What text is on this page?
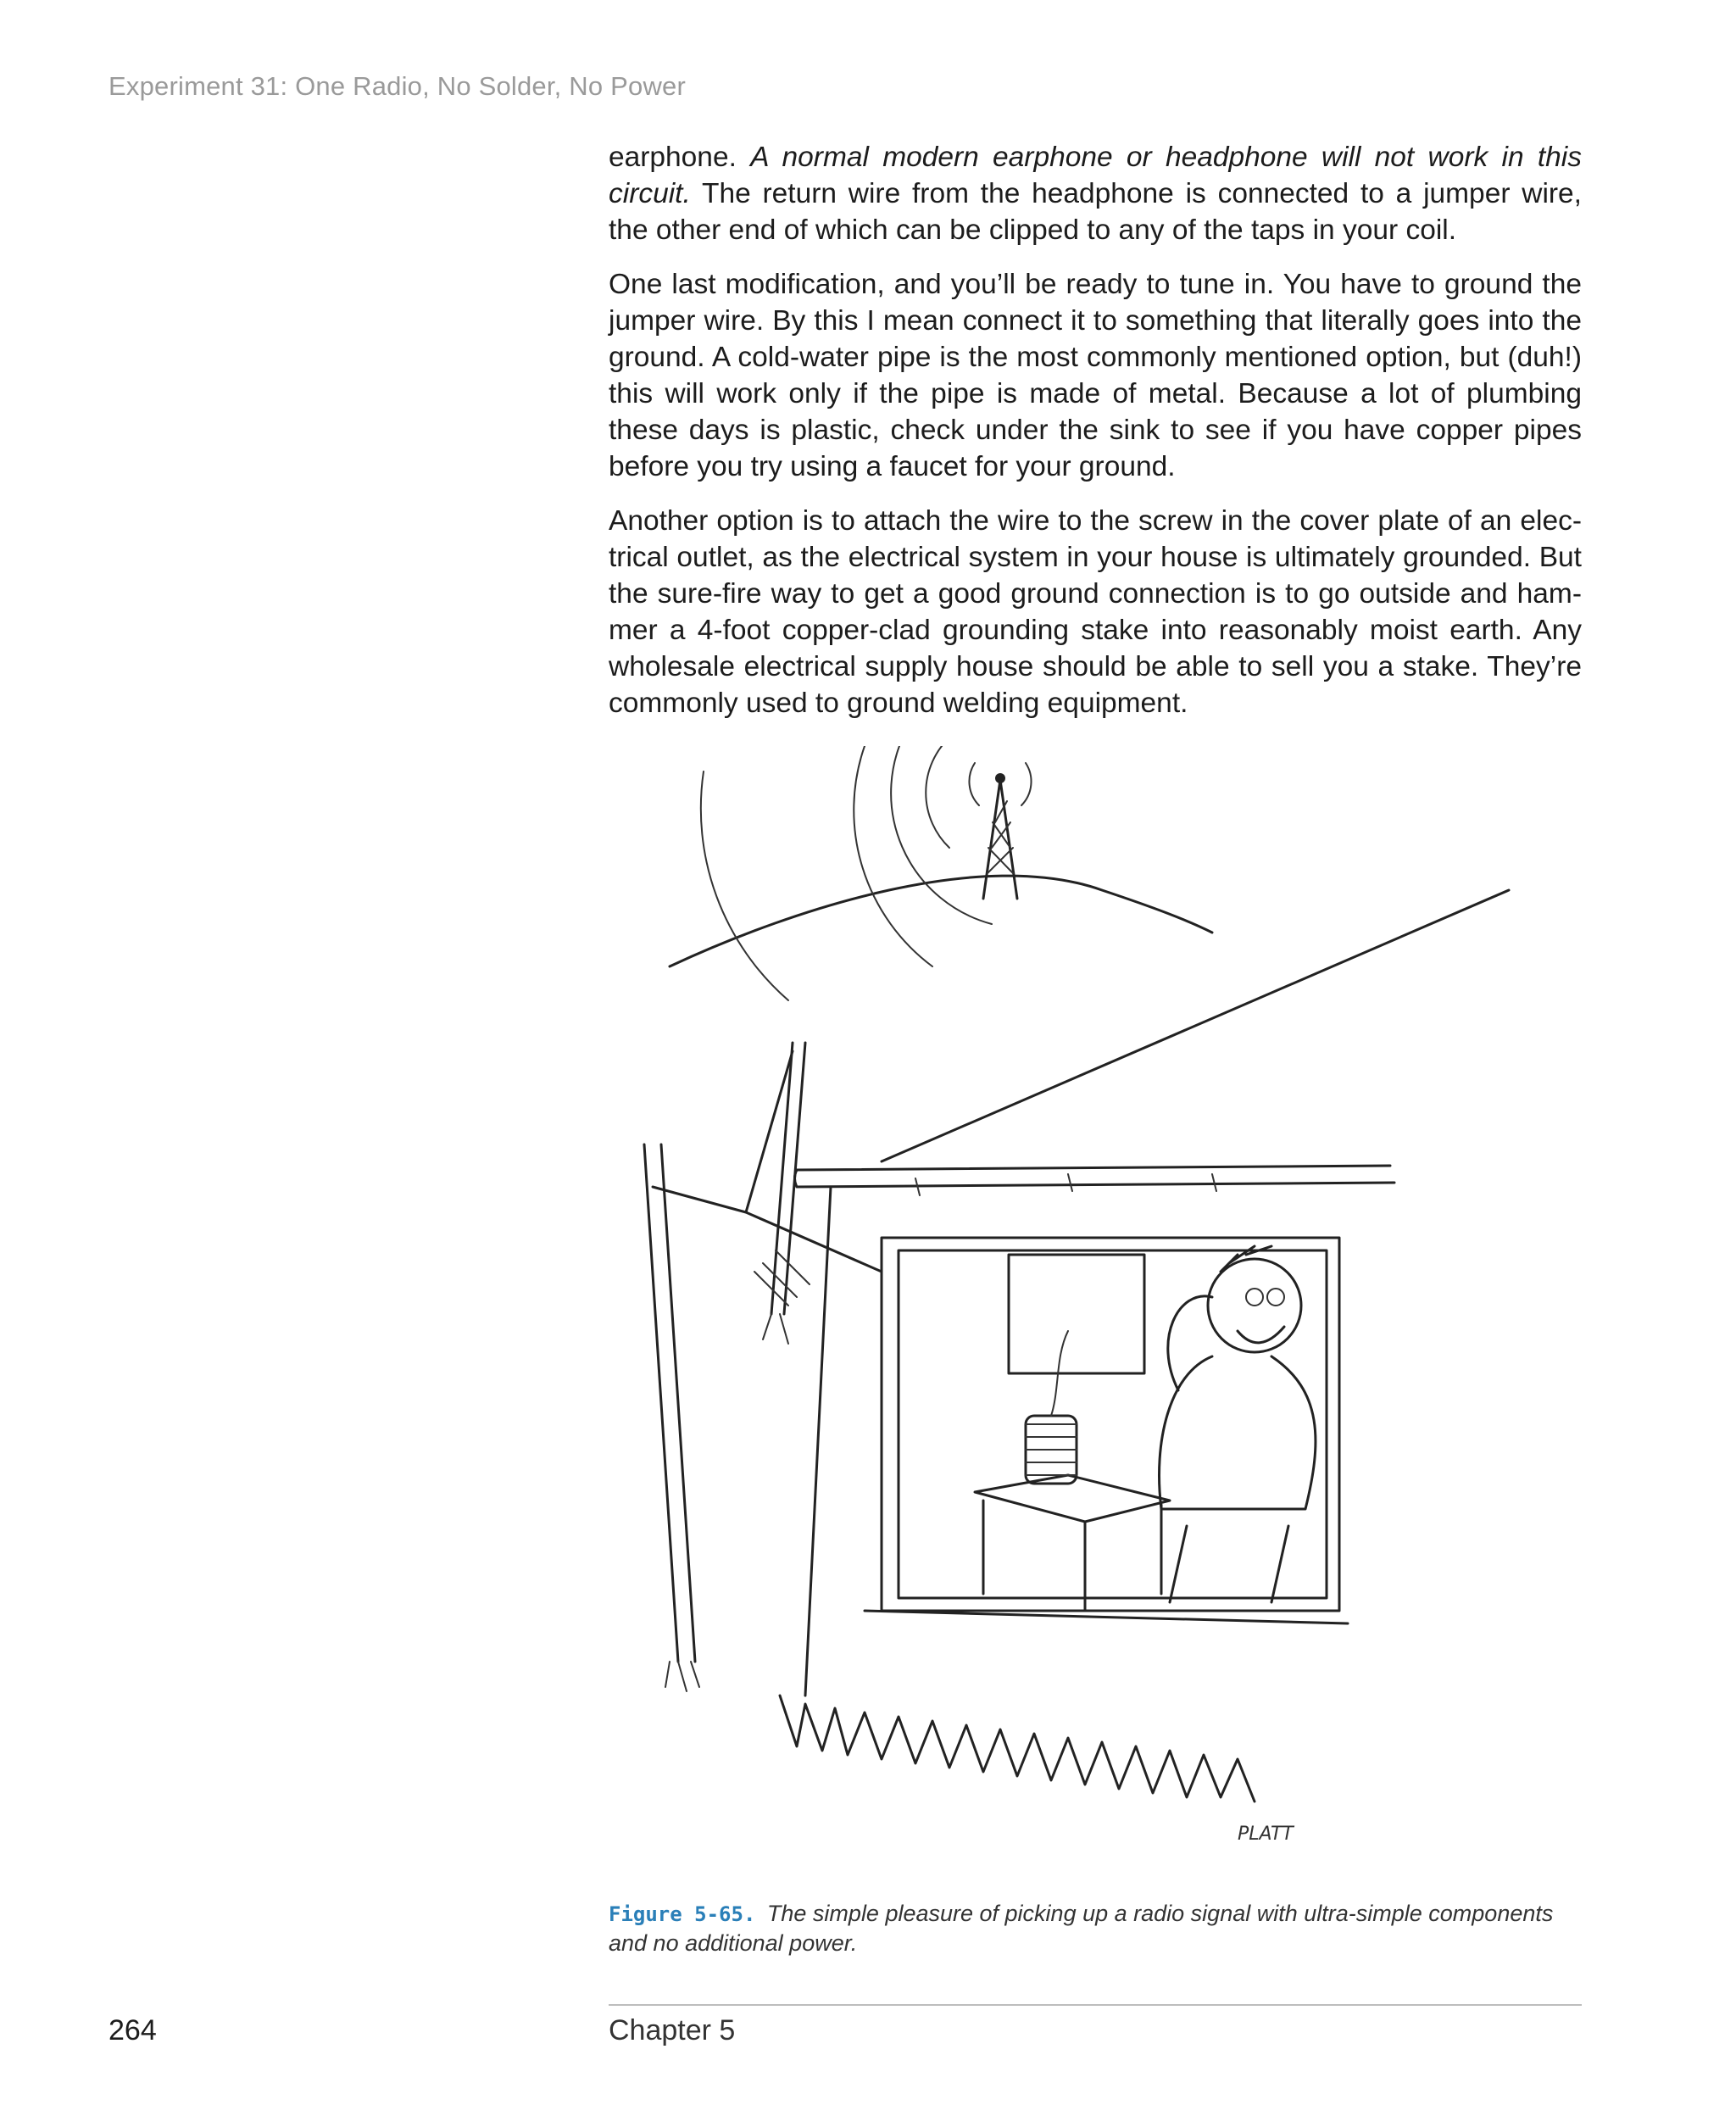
Experiment 31: One Radio, No Solder, No Power

earphone. A normal modern earphone or headphone will not work in this circuit. The return wire from the headphone is connected to a jumper wire, the other end of which can be clipped to any of the taps in your coil.

One last modification, and you’ll be ready to tune in. You have to ground the jumper wire. By this I mean connect it to something that literally goes into the ground. A cold-water pipe is the most commonly mentioned option, but (duh!) this will work only if the pipe is made of metal. Because a lot of plumbing these days is plastic, check under the sink to see if you have copper pipes before you try using a faucet for your ground.

Another option is to attach the wire to the screw in the cover plate of an electrical outlet, as the electrical system in your house is ultimately grounded. But the sure-fire way to get a good ground connection is to go outside and hammer a 4-foot copper-clad grounding stake into reasonably moist earth. Any wholesale electrical supply house should be able to sell you a stake. They’re commonly used to ground welding equipment.

PLATT
Figure 5-65. The simple pleasure of picking up a radio signal with ultra-simple components and no additional power.
264	Chapter 5
